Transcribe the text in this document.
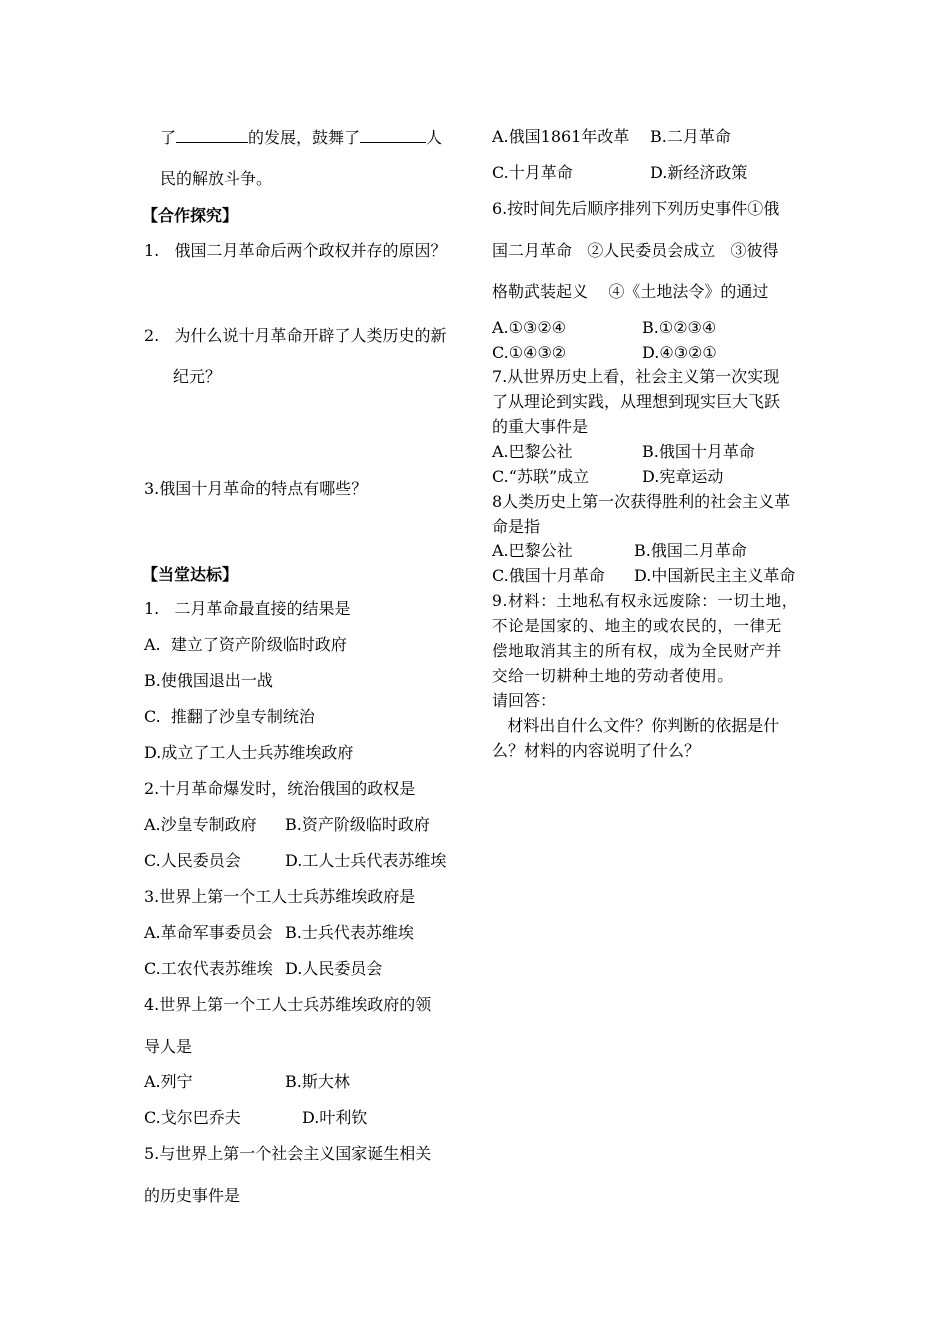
了	的发展，鼓舞了	人
民的解放斗争。
【合作探究】
1.   俄国二月革命后两个政权并存的原因？
2.   为什么说十月革命开辟了人类历史的新
纪元？
3.俄国十月革命的特点有哪些？
【当堂达标】
1.   二月革命最直接的结果是
A.  建立了资产阶级临时政府
B.使俄国退出一战
C.  推翻了沙皇专制统治
D.成立了工人士兵苏维埃政府
2.十月革命爆发时，统治俄国的政权是
A.沙皇专制政府 B.资产阶级临时政府
C.人民委员会	D.工人士兵代表苏维埃
3.世界上第一个工人士兵苏维埃政府是
A.革命军事委员会 B.士兵代表苏维埃
C.工农代表苏维埃 D.人民委员会
4.世界上第一个工人士兵苏维埃政府的领
导人是
A.列宁	B.斯大林
C.戈尔巴乔夫	D.叶利钦
5.与世界上第一个社会主义国家诞生相关
的历史事件是
A.俄国1861年改革 B.二月革命
C.十月革命	D.新经济政策
6.按时间先后顺序排列下列历史事件①俄
国二月革命   ②人民委员会成立   ③彼得
格勒武装起义    ④《土地法令》的通过
A.①③②④	B.①②③④
C.①④③②	D.④③②①
7.从世界历史上看，社会主义第一次实现
了从理论到实践，从理想到现实巨大飞跃
的重大事件是
A.巴黎公社	B.俄国十月革命
C.“苏联”成立	D.宪章运动
8人类历史上第一次获得胜利的社会主义革
命是指
A.巴黎公社	B.俄国二月革命
C.俄国十月革命 D.中国新民主主义革命
9.材料：土地私有权永远废除：一切土地，
不论是国家的、地主的或农民的，一律无
偿地取消其主的所有权，成为全民财产并
交给一切耕种土地的劳动者使用。
请回答：
材料出自什么文件？你判断的依据是什
么？材料的内容说明了什么？
